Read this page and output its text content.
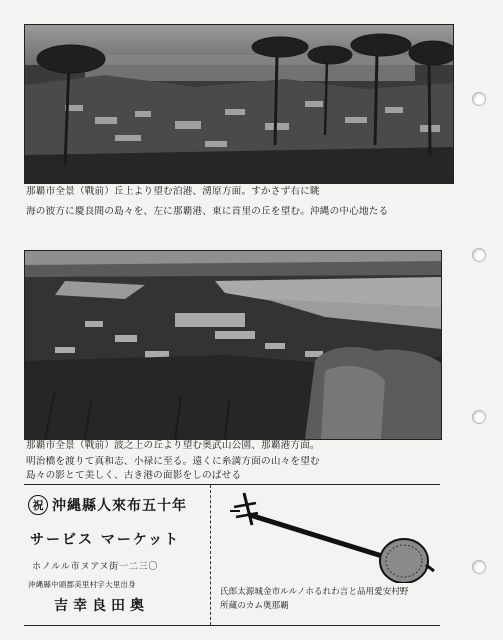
那覇市全景（戰前）丘上より望む泊港、湧原方面。すかさず右に眺
海の彼方に慶良間の島々を、左に那覇港、東に首里の丘を望む。沖縄の中心地たる
那覇市全景（戰前）波之上の丘より望む奥武山公園、那覇港方面。
明治橋を渡りて真和志、小禄に至る。遠くに糸満方面の山々を望む
島々の影とて美しく、古き港の面影をしのばせる
祝 沖縄縣人來布五十年
サービス マーケット
ホノルル市ヌアヌ街一二三〇
沖縄縣中頭郡美里村字大里出身
吉幸良田奥
氏郎太源城金市ルルノホるれわ言と品用愛安村野
所蔵のカム奥那覇
